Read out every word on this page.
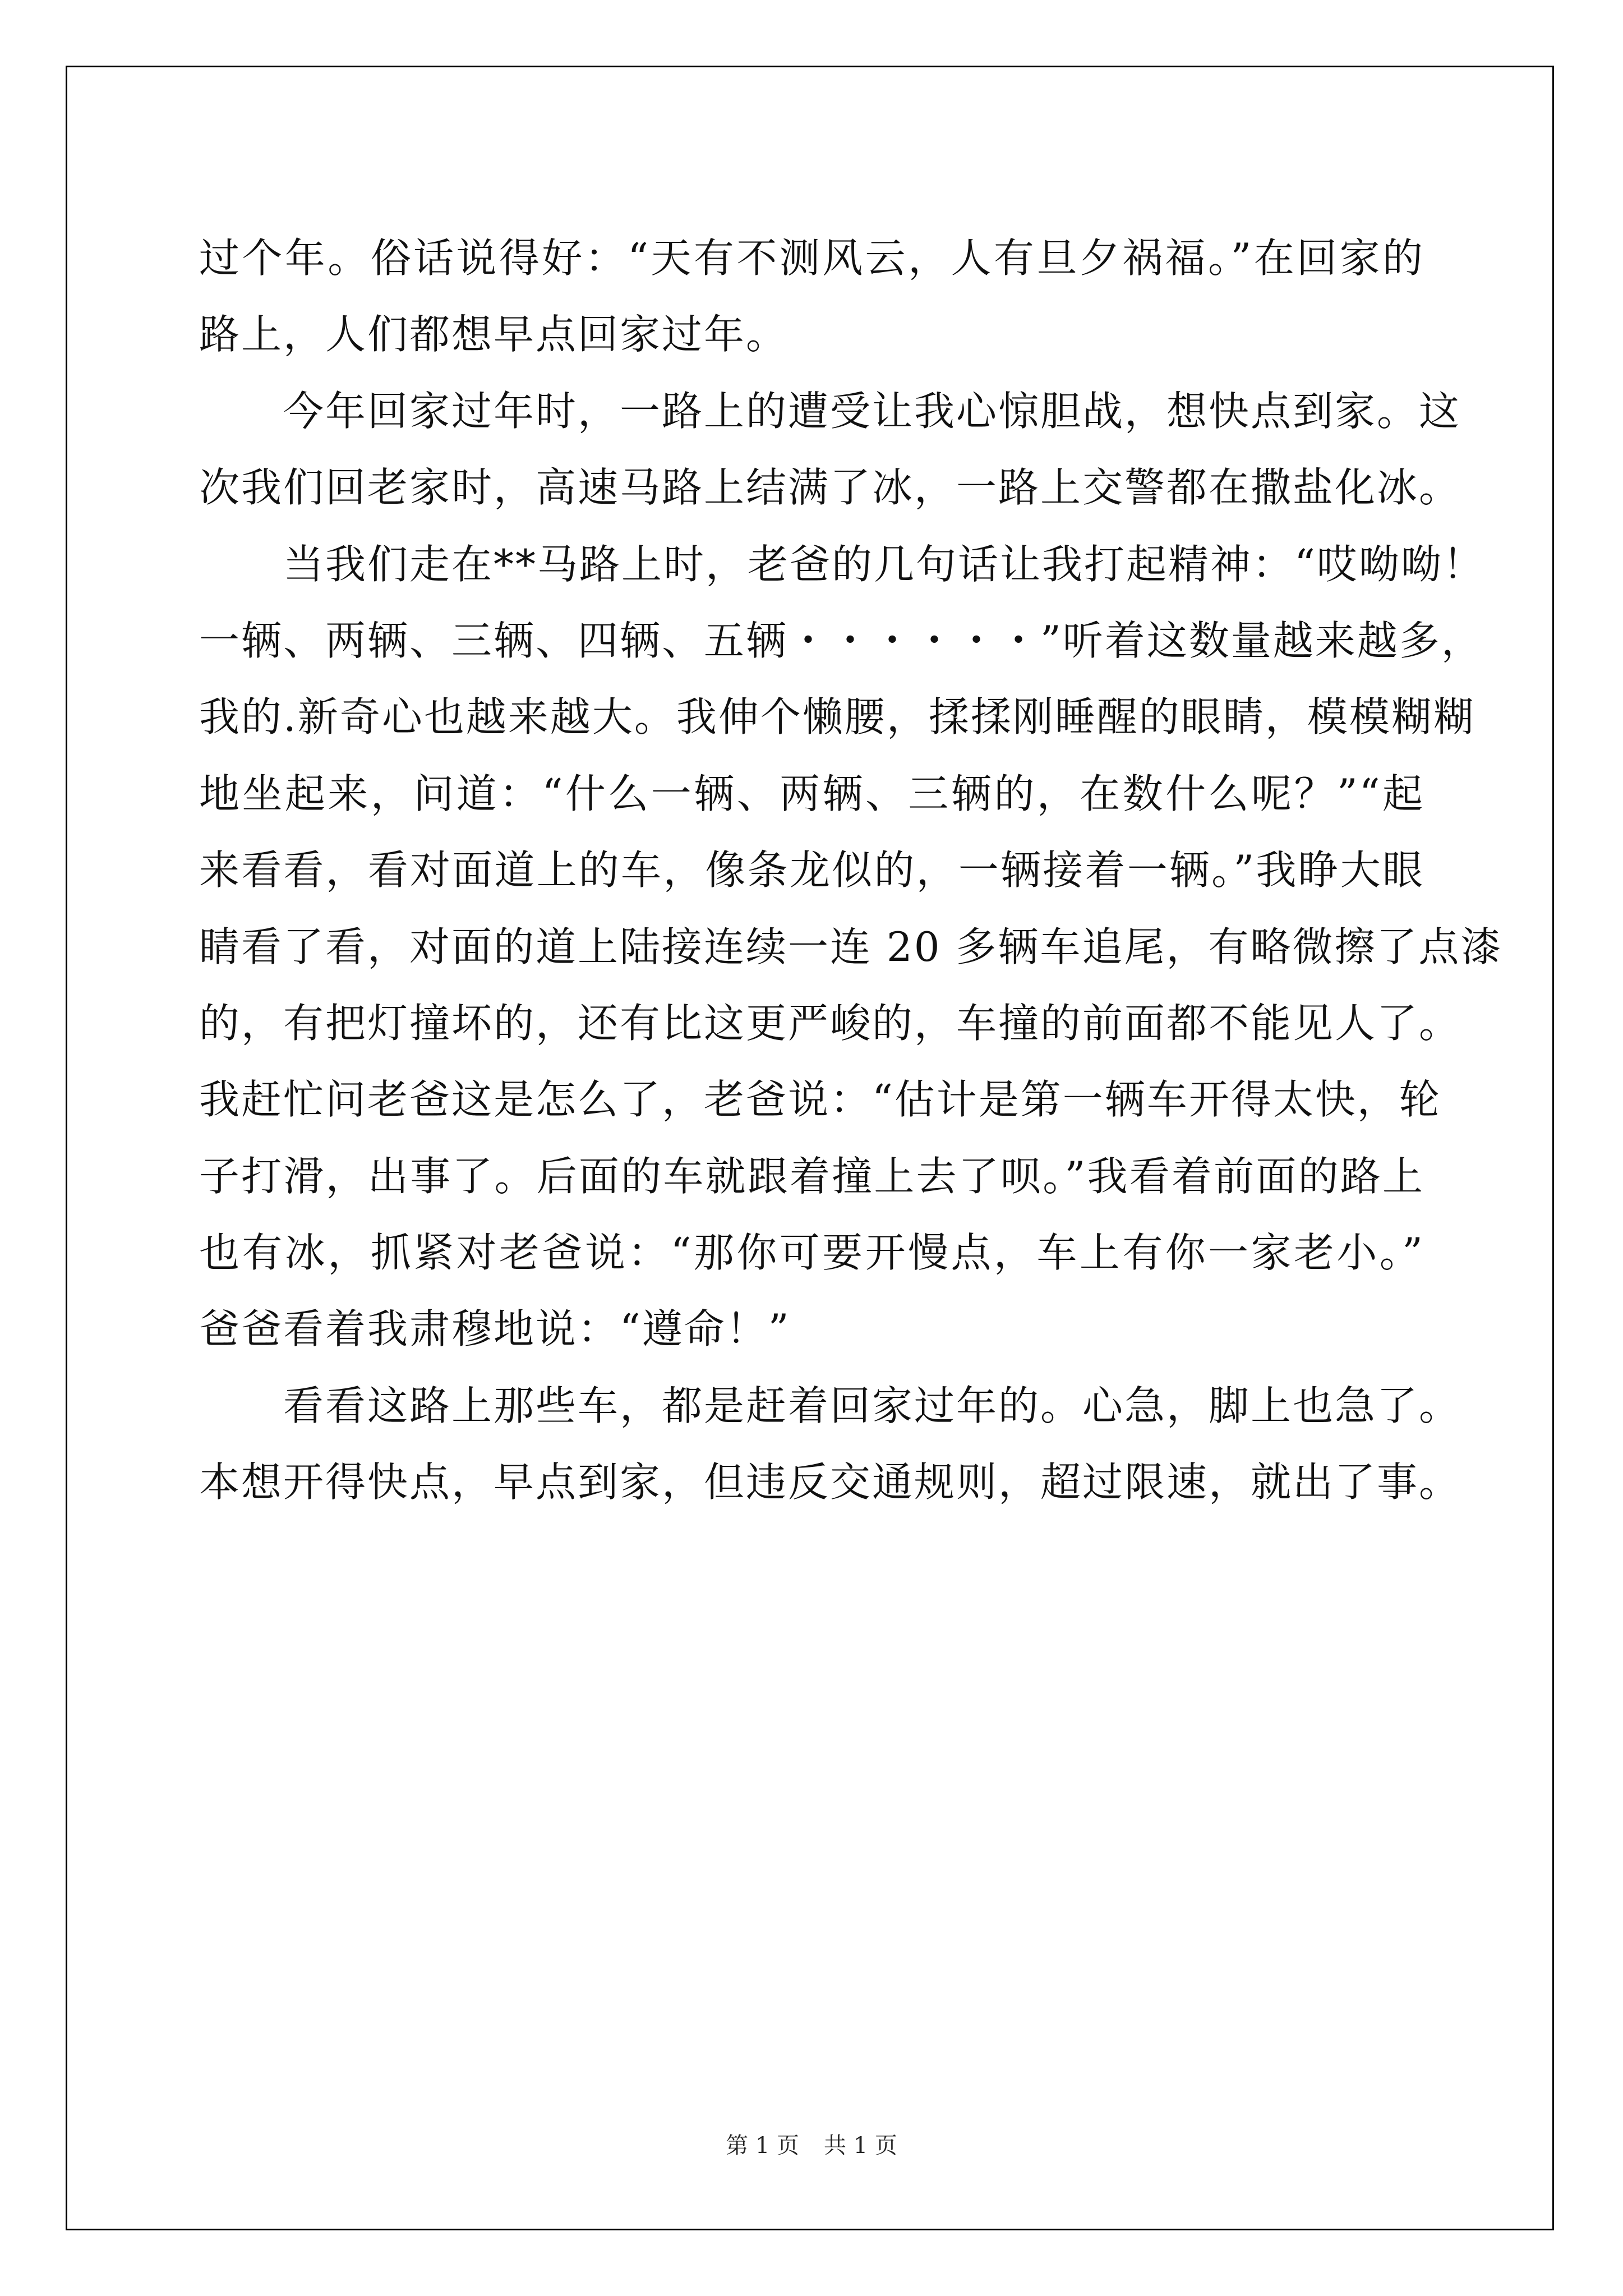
过个年。俗话说得好：“天有不测风云，人有旦夕祸福。”在回家的
路上，人们都想早点回家过年。
今年回家过年时，一路上的遭受让我心惊胆战，想快点到家。这
次我们回老家时，高速马路上结满了冰，一路上交警都在撒盐化冰。
当我们走在**马路上时，老爸的几句话让我打起精神：“哎呦呦！
一辆、两辆、三辆、四辆、五辆・・・・・・”听着这数量越来越多，
我的.新奇心也越来越大。我伸个懒腰，揉揉刚睡醒的眼睛，模模糊糊
地坐起来，问道：“什么一辆、两辆、三辆的，在数什么呢？”“起
来看看，看对面道上的车，像条龙似的，一辆接着一辆。”我睁大眼
睛看了看，对面的道上陆接连续一连 20 多辆车追尾，有略微擦了点漆
的，有把灯撞坏的，还有比这更严峻的，车撞的前面都不能见人了。
我赶忙问老爸这是怎么了，老爸说：“估计是第一辆车开得太快，轮
子打滑，出事了。后面的车就跟着撞上去了呗。”我看着前面的路上
也有冰，抓紧对老爸说：“那你可要开慢点，车上有你一家老小。”
爸爸看着我肃穆地说：“遵命！”
看看这路上那些车，都是赶着回家过年的。心急，脚上也急了。
本想开得快点，早点到家，但违反交通规则，超过限速，就出了事。
第 1 页 共 1 页
